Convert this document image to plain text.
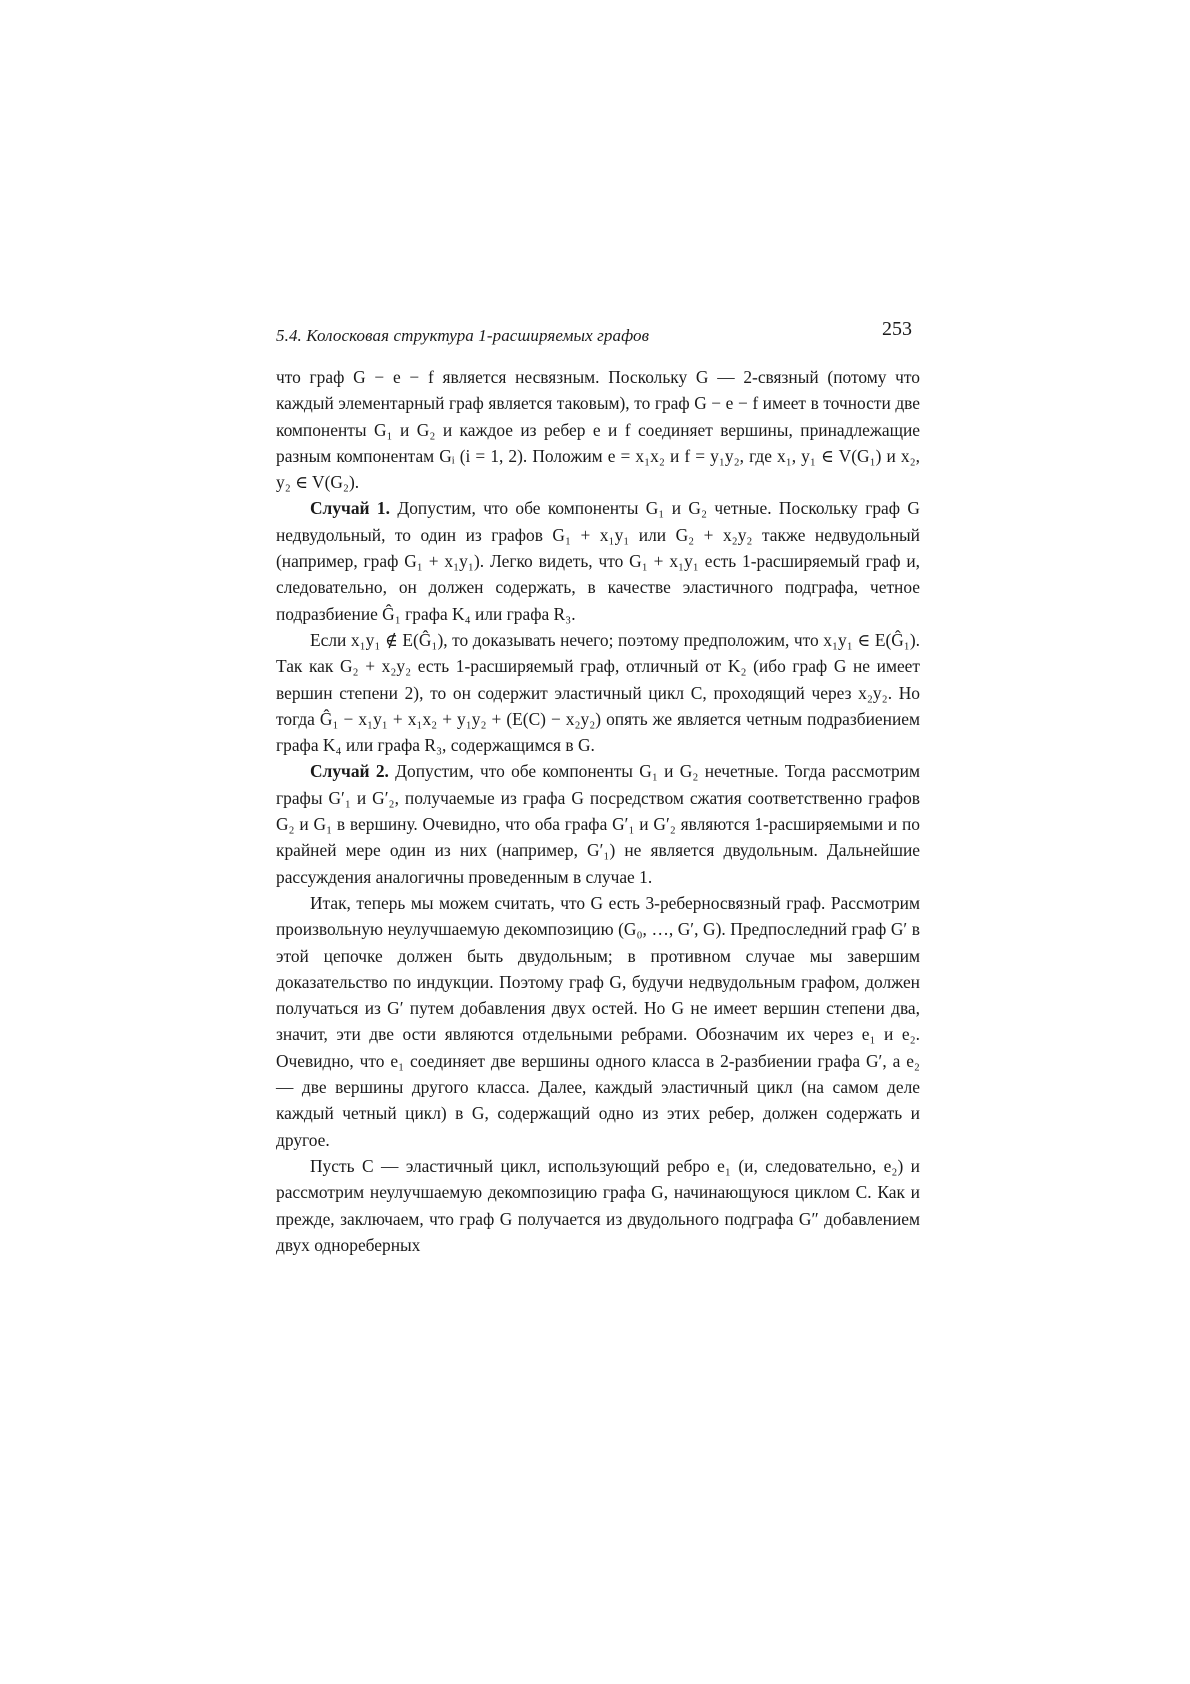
5.4. Колосковая структура 1-расширяемых графов	253

что граф G − e − f является несвязным. Поскольку G — 2-связный (потому что каждый элементарный граф является таковым), то граф G − e − f имеет в точности две компоненты G₁ и G₂ и каждое из ребер e и f соединяет вершины, принадлежащие разным компонентам Gᵢ (i = 1, 2). Положим e = x₁x₂ и f = y₁y₂, где x₁, y₁ ∈ V(G₁) и x₂, y₂ ∈ V(G₂).

Случай 1. Допустим, что обе компоненты G₁ и G₂ четные. Поскольку граф G недвудольный, то один из графов G₁ + x₁y₁ или G₂ + x₂y₂ также недвудольный (например, граф G₁ + x₁y₁). Легко видеть, что G₁ + x₁y₁ есть 1-расширяемый граф и, следовательно, он должен содержать, в качестве эластичного подграфа, четное подразбиение Ĝ₁ графа K₄ или графа R₃.

Если x₁y₁ ∉ E(Ĝ₁), то доказывать нечего; поэтому предположим, что x₁y₁ ∈ E(Ĝ₁). Так как G₂ + x₂y₂ есть 1-расширяемый граф, отличный от K₂ (ибо граф G не имеет вершин степени 2), то он содержит эластичный цикл C, проходящий через x₂y₂. Но тогда Ĝ₁ − x₁y₁ + x₁x₂ + y₁y₂ + (E(C) − x₂y₂) опять же является четным подразбиением графа K₄ или графа R₃, содержащимся в G.

Случай 2. Допустим, что обе компоненты G₁ и G₂ нечетные. Тогда рассмотрим графы G′₁ и G′₂, получаемые из графа G посредством сжатия соответственно графов G₂ и G₁ в вершину. Очевидно, что оба графа G′₁ и G′₂ являются 1-расширяемыми и по крайней мере один из них (например, G′₁) не является двудольным. Дальнейшие рассуждения аналогичны проведенным в случае 1.

Итак, теперь мы можем считать, что G есть 3-реберносвязный граф. Рассмотрим произвольную неулучшаемую декомпозицию (G₀, …, G′, G). Предпоследний граф G′ в этой цепочке должен быть двудольным; в противном случае мы завершим доказательство по индукции. Поэтому граф G, будучи недвудольным графом, должен получаться из G′ путем добавления двух остей. Но G не имеет вершин степени два, значит, эти две ости являются отдельными ребрами. Обозначим их через e₁ и e₂. Очевидно, что e₁ соединяет две вершины одного класса в 2-разбиении графа G′, а e₂ — две вершины другого класса. Далее, каждый эластичный цикл (на самом деле каждый четный цикл) в G, содержащий одно из этих ребер, должен содержать и другое.

Пусть C — эластичный цикл, использующий ребро e₁ (и, следовательно, e₂) и рассмотрим неулучшаемую декомпозицию графа G, начинающуюся циклом C. Как и прежде, заключаем, что граф G получается из двудольного подграфа G″ добавлением двух однореберных
